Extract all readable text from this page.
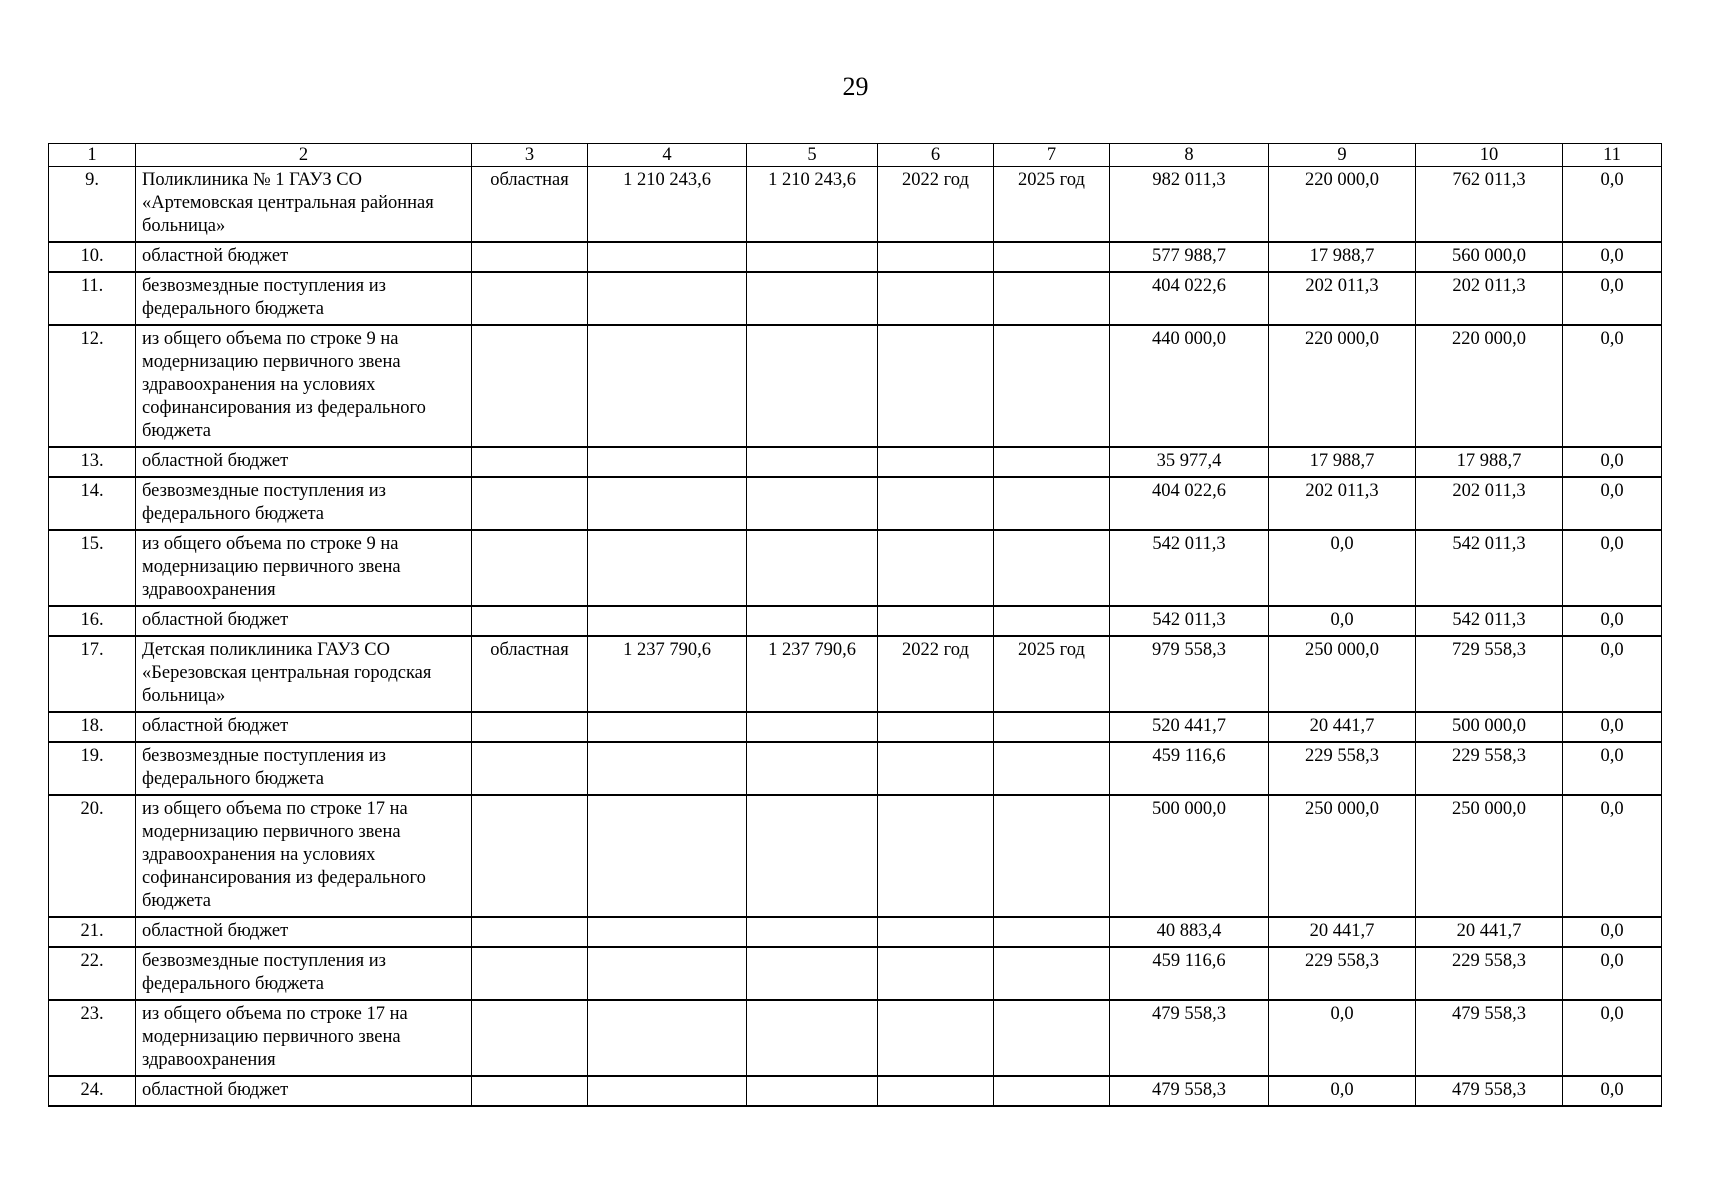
29
1	2	3	4	5	6	7	8	9	10	11
9.	Поликлиника № 1 ГАУЗ СО «Артемовская центральная районная больница»	областная	1 210 243,6	1 210 243,6	2022 год	2025 год	982 011,3	220 000,0	762 011,3	0,0
10.	областной бюджет						577 988,7	17 988,7	560 000,0	0,0
11.	безвозмездные поступления из федерального бюджета						404 022,6	202 011,3	202 011,3	0,0
12.	из общего объема по строке 9 на модернизацию первичного звена здравоохранения на условиях софинансирования из федерального бюджета						440 000,0	220 000,0	220 000,0	0,0
13.	областной бюджет						35 977,4	17 988,7	17 988,7	0,0
14.	безвозмездные поступления из федерального бюджета						404 022,6	202 011,3	202 011,3	0,0
15.	из общего объема по строке 9 на модернизацию первичного звена здравоохранения						542 011,3	0,0	542 011,3	0,0
16.	областной бюджет						542 011,3	0,0	542 011,3	0,0
17.	Детская поликлиника ГАУЗ СО «Березовская центральная городская больница»	областная	1 237 790,6	1 237 790,6	2022 год	2025 год	979 558,3	250 000,0	729 558,3	0,0
18.	областной бюджет						520 441,7	20 441,7	500 000,0	0,0
19.	безвозмездные поступления из федерального бюджета						459 116,6	229 558,3	229 558,3	0,0
20.	из общего объема по строке 17 на модернизацию первичного звена здравоохранения на условиях софинансирования из федерального бюджета						500 000,0	250 000,0	250 000,0	0,0
21.	областной бюджет						40 883,4	20 441,7	20 441,7	0,0
22.	безвозмездные поступления из федерального бюджета						459 116,6	229 558,3	229 558,3	0,0
23.	из общего объема по строке 17 на модернизацию первичного звена здравоохранения						479 558,3	0,0	479 558,3	0,0
24.	областной бюджет						479 558,3	0,0	479 558,3	0,0
